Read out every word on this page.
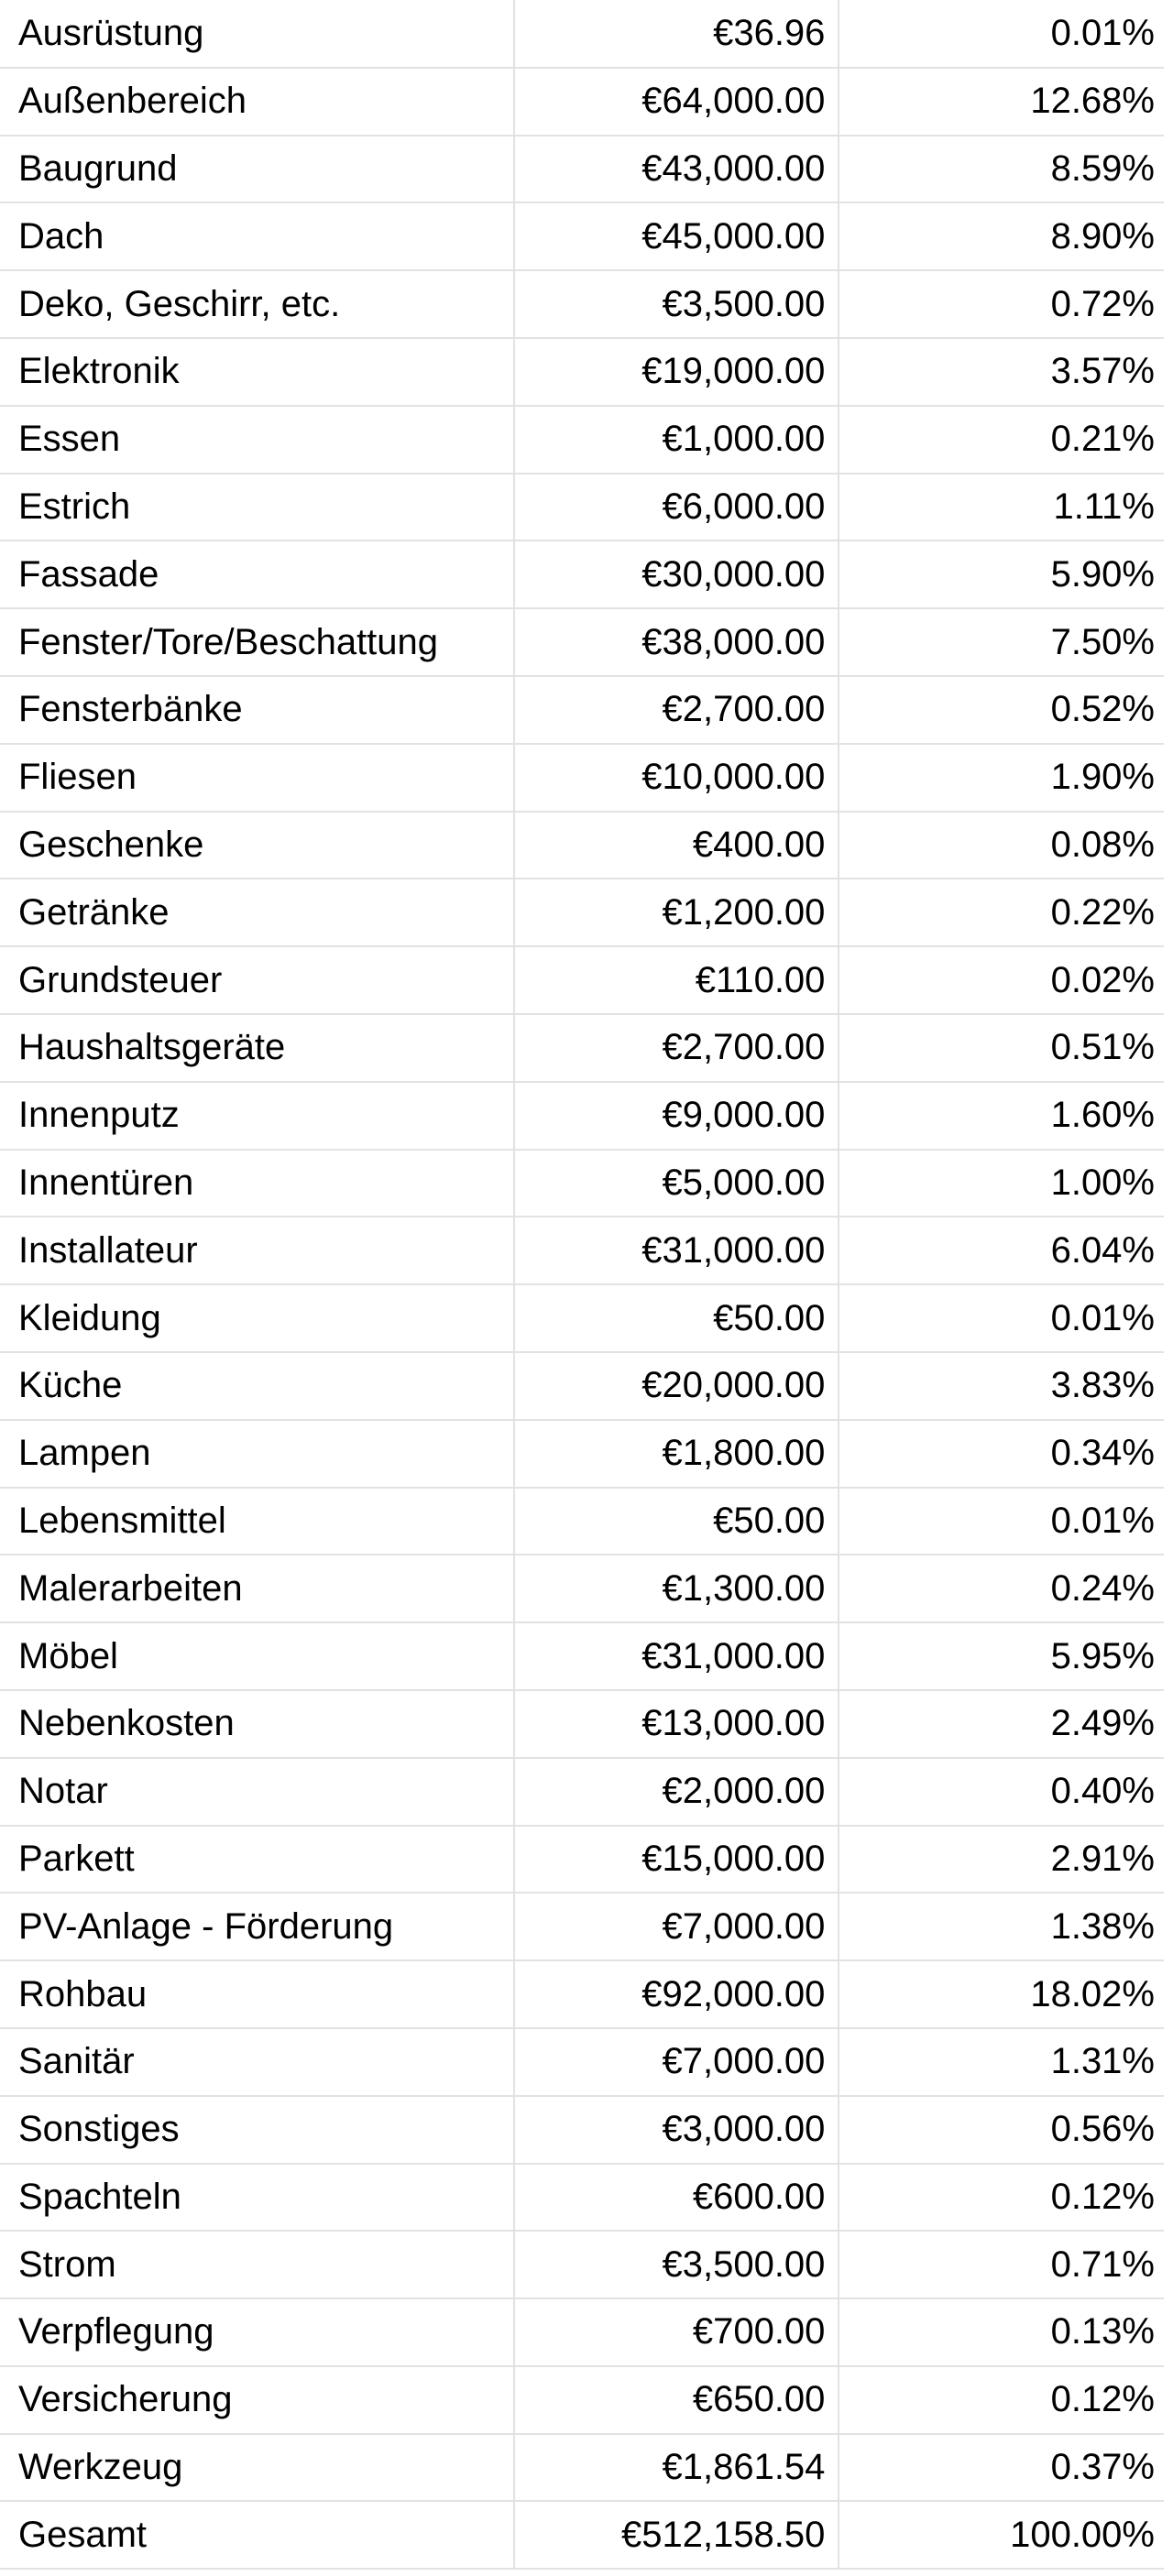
Ausrüstung	€36.96	0.01%
Außenbereich	€64,000.00	12.68%
Baugrund	€43,000.00	8.59%
Dach	€45,000.00	8.90%
Deko, Geschirr, etc.	€3,500.00	0.72%
Elektronik	€19,000.00	3.57%
Essen	€1,000.00	0.21%
Estrich	€6,000.00	1.11%
Fassade	€30,000.00	5.90%
Fenster/Tore/Beschattung	€38,000.00	7.50%
Fensterbänke	€2,700.00	0.52%
Fliesen	€10,000.00	1.90%
Geschenke	€400.00	0.08%
Getränke	€1,200.00	0.22%
Grundsteuer	€110.00	0.02%
Haushaltsgeräte	€2,700.00	0.51%
Innenputz	€9,000.00	1.60%
Innentüren	€5,000.00	1.00%
Installateur	€31,000.00	6.04%
Kleidung	€50.00	0.01%
Küche	€20,000.00	3.83%
Lampen	€1,800.00	0.34%
Lebensmittel	€50.00	0.01%
Malerarbeiten	€1,300.00	0.24%
Möbel	€31,000.00	5.95%
Nebenkosten	€13,000.00	2.49%
Notar	€2,000.00	0.40%
Parkett	€15,000.00	2.91%
PV-Anlage - Förderung	€7,000.00	1.38%
Rohbau	€92,000.00	18.02%
Sanitär	€7,000.00	1.31%
Sonstiges	€3,000.00	0.56%
Spachteln	€600.00	0.12%
Strom	€3,500.00	0.71%
Verpflegung	€700.00	0.13%
Versicherung	€650.00	0.12%
Werkzeug	€1,861.54	0.37%
Gesamt	€512,158.50	100.00%
